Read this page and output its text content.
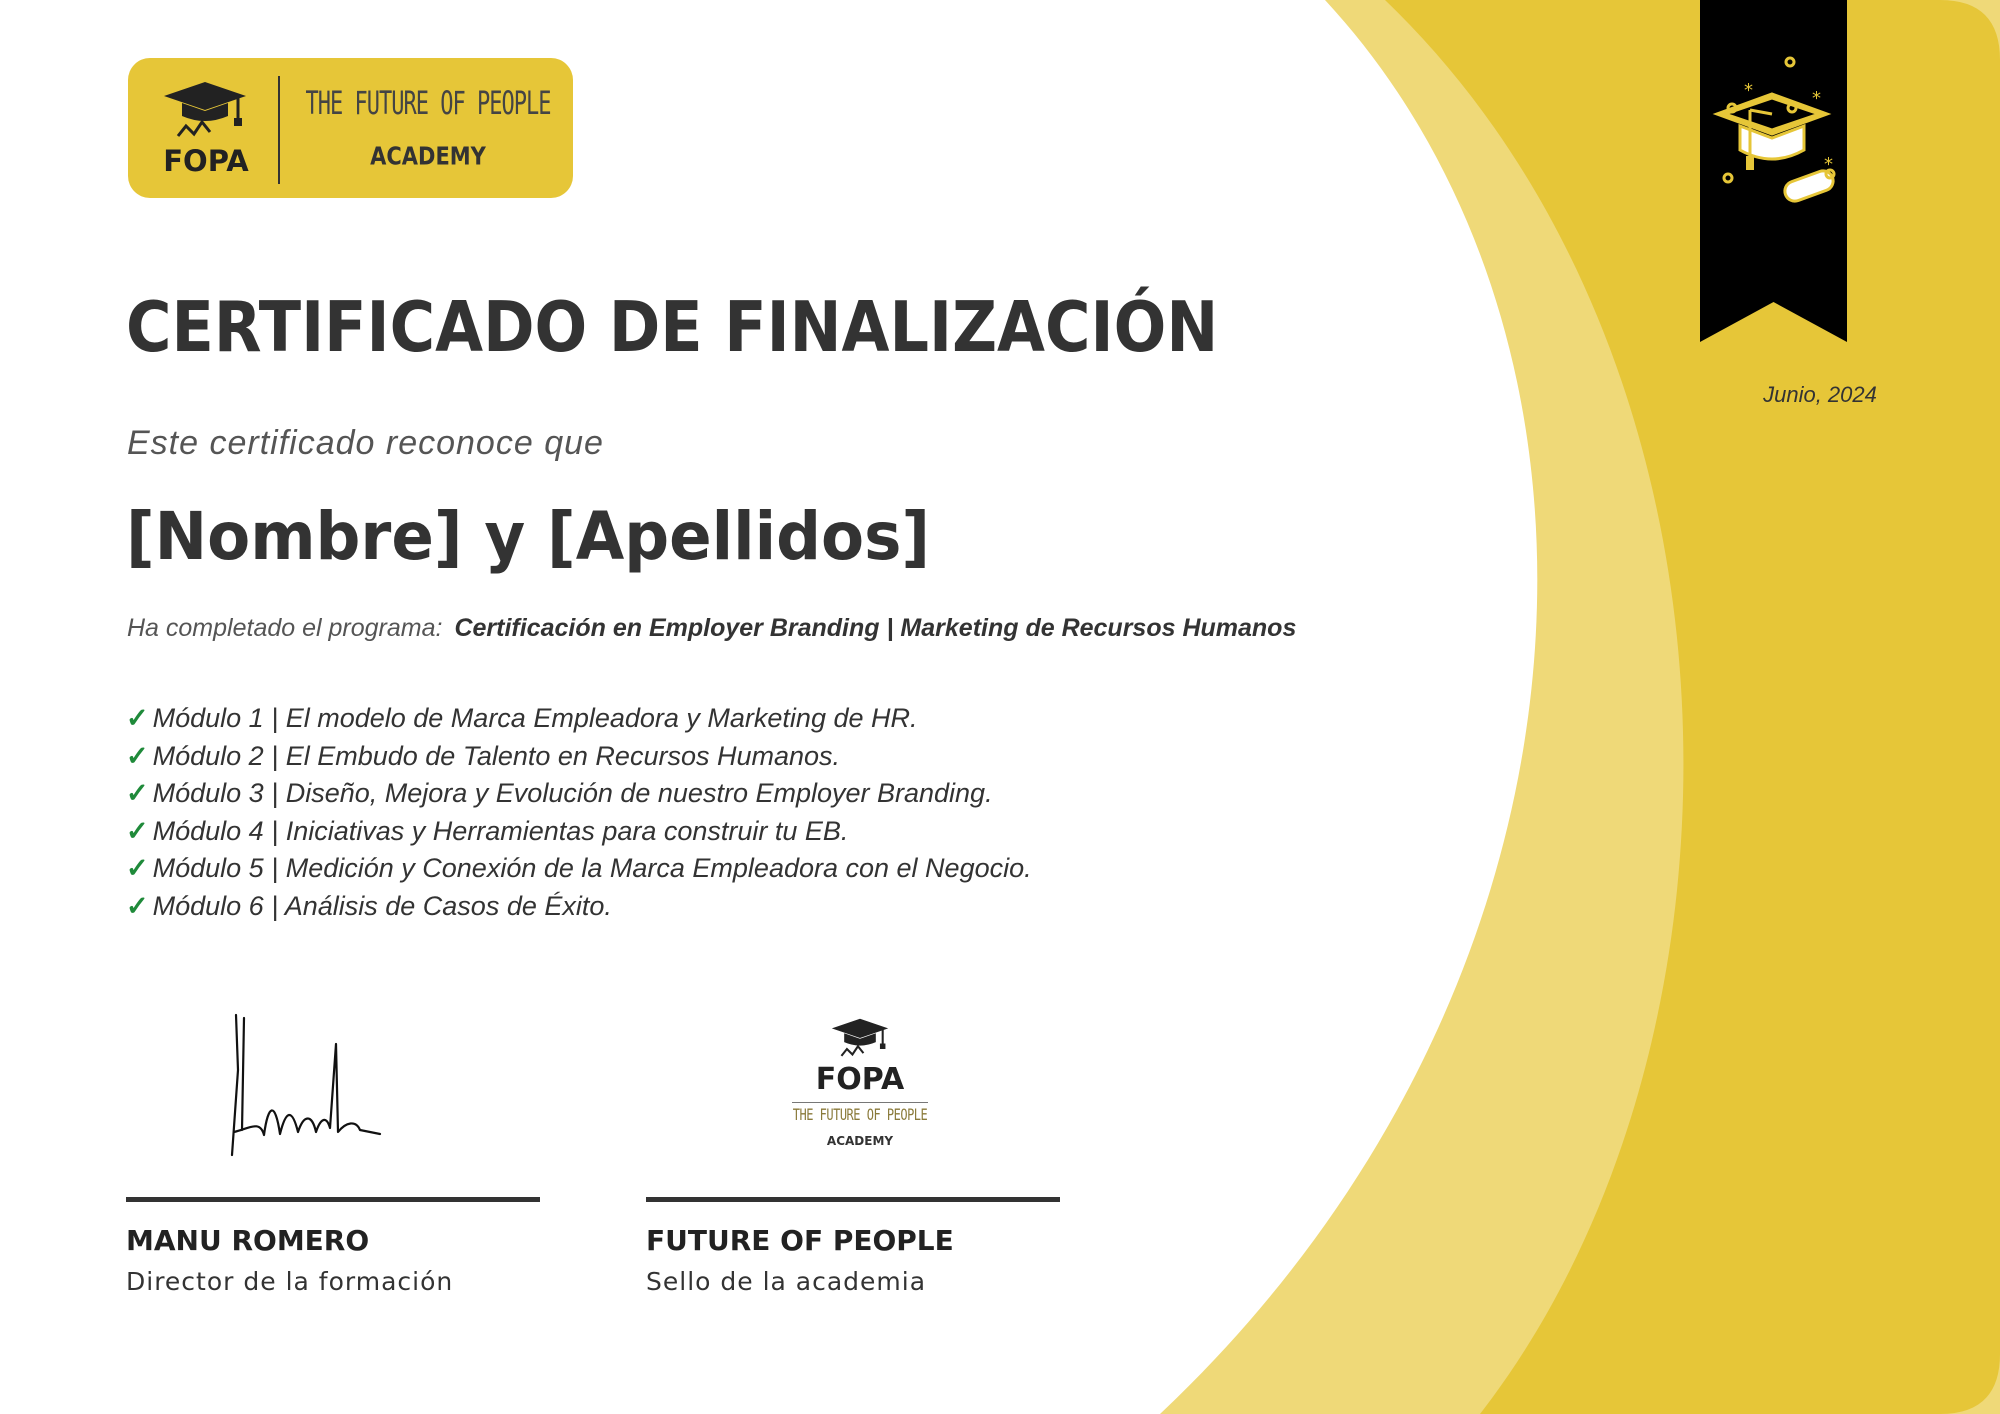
FOPA
THE FUTURE OF PEOPLE
ACADEMY
*	*
*
Junio, 2024
CERTIFICADO DE FINALIZACIÓN
Este certificado reconoce que
[Nombre] y [Apellidos]
Ha completado el programa: Certificación en Employer Branding | Marketing de Recursos Humanos
✓ Módulo 1 | El modelo de Marca Empleadora y Marketing de HR.
✓ Módulo 2 | El Embudo de Talento en Recursos Humanos.
✓ Módulo 3 | Diseño, Mejora y Evolución de nuestro Employer Branding.
✓ Módulo 4 | Iniciativas y Herramientas para construir tu EB.
✓ Módulo 5 | Medición y Conexión de la Marca Empleadora con el Negocio.
✓ Módulo 6 | Análisis de Casos de Éxito.
FOPA
THE FUTURE OF PEOPLE
ACADEMY
MANU ROMERO
Director de la formación
FUTURE OF PEOPLE
Sello de la academia
